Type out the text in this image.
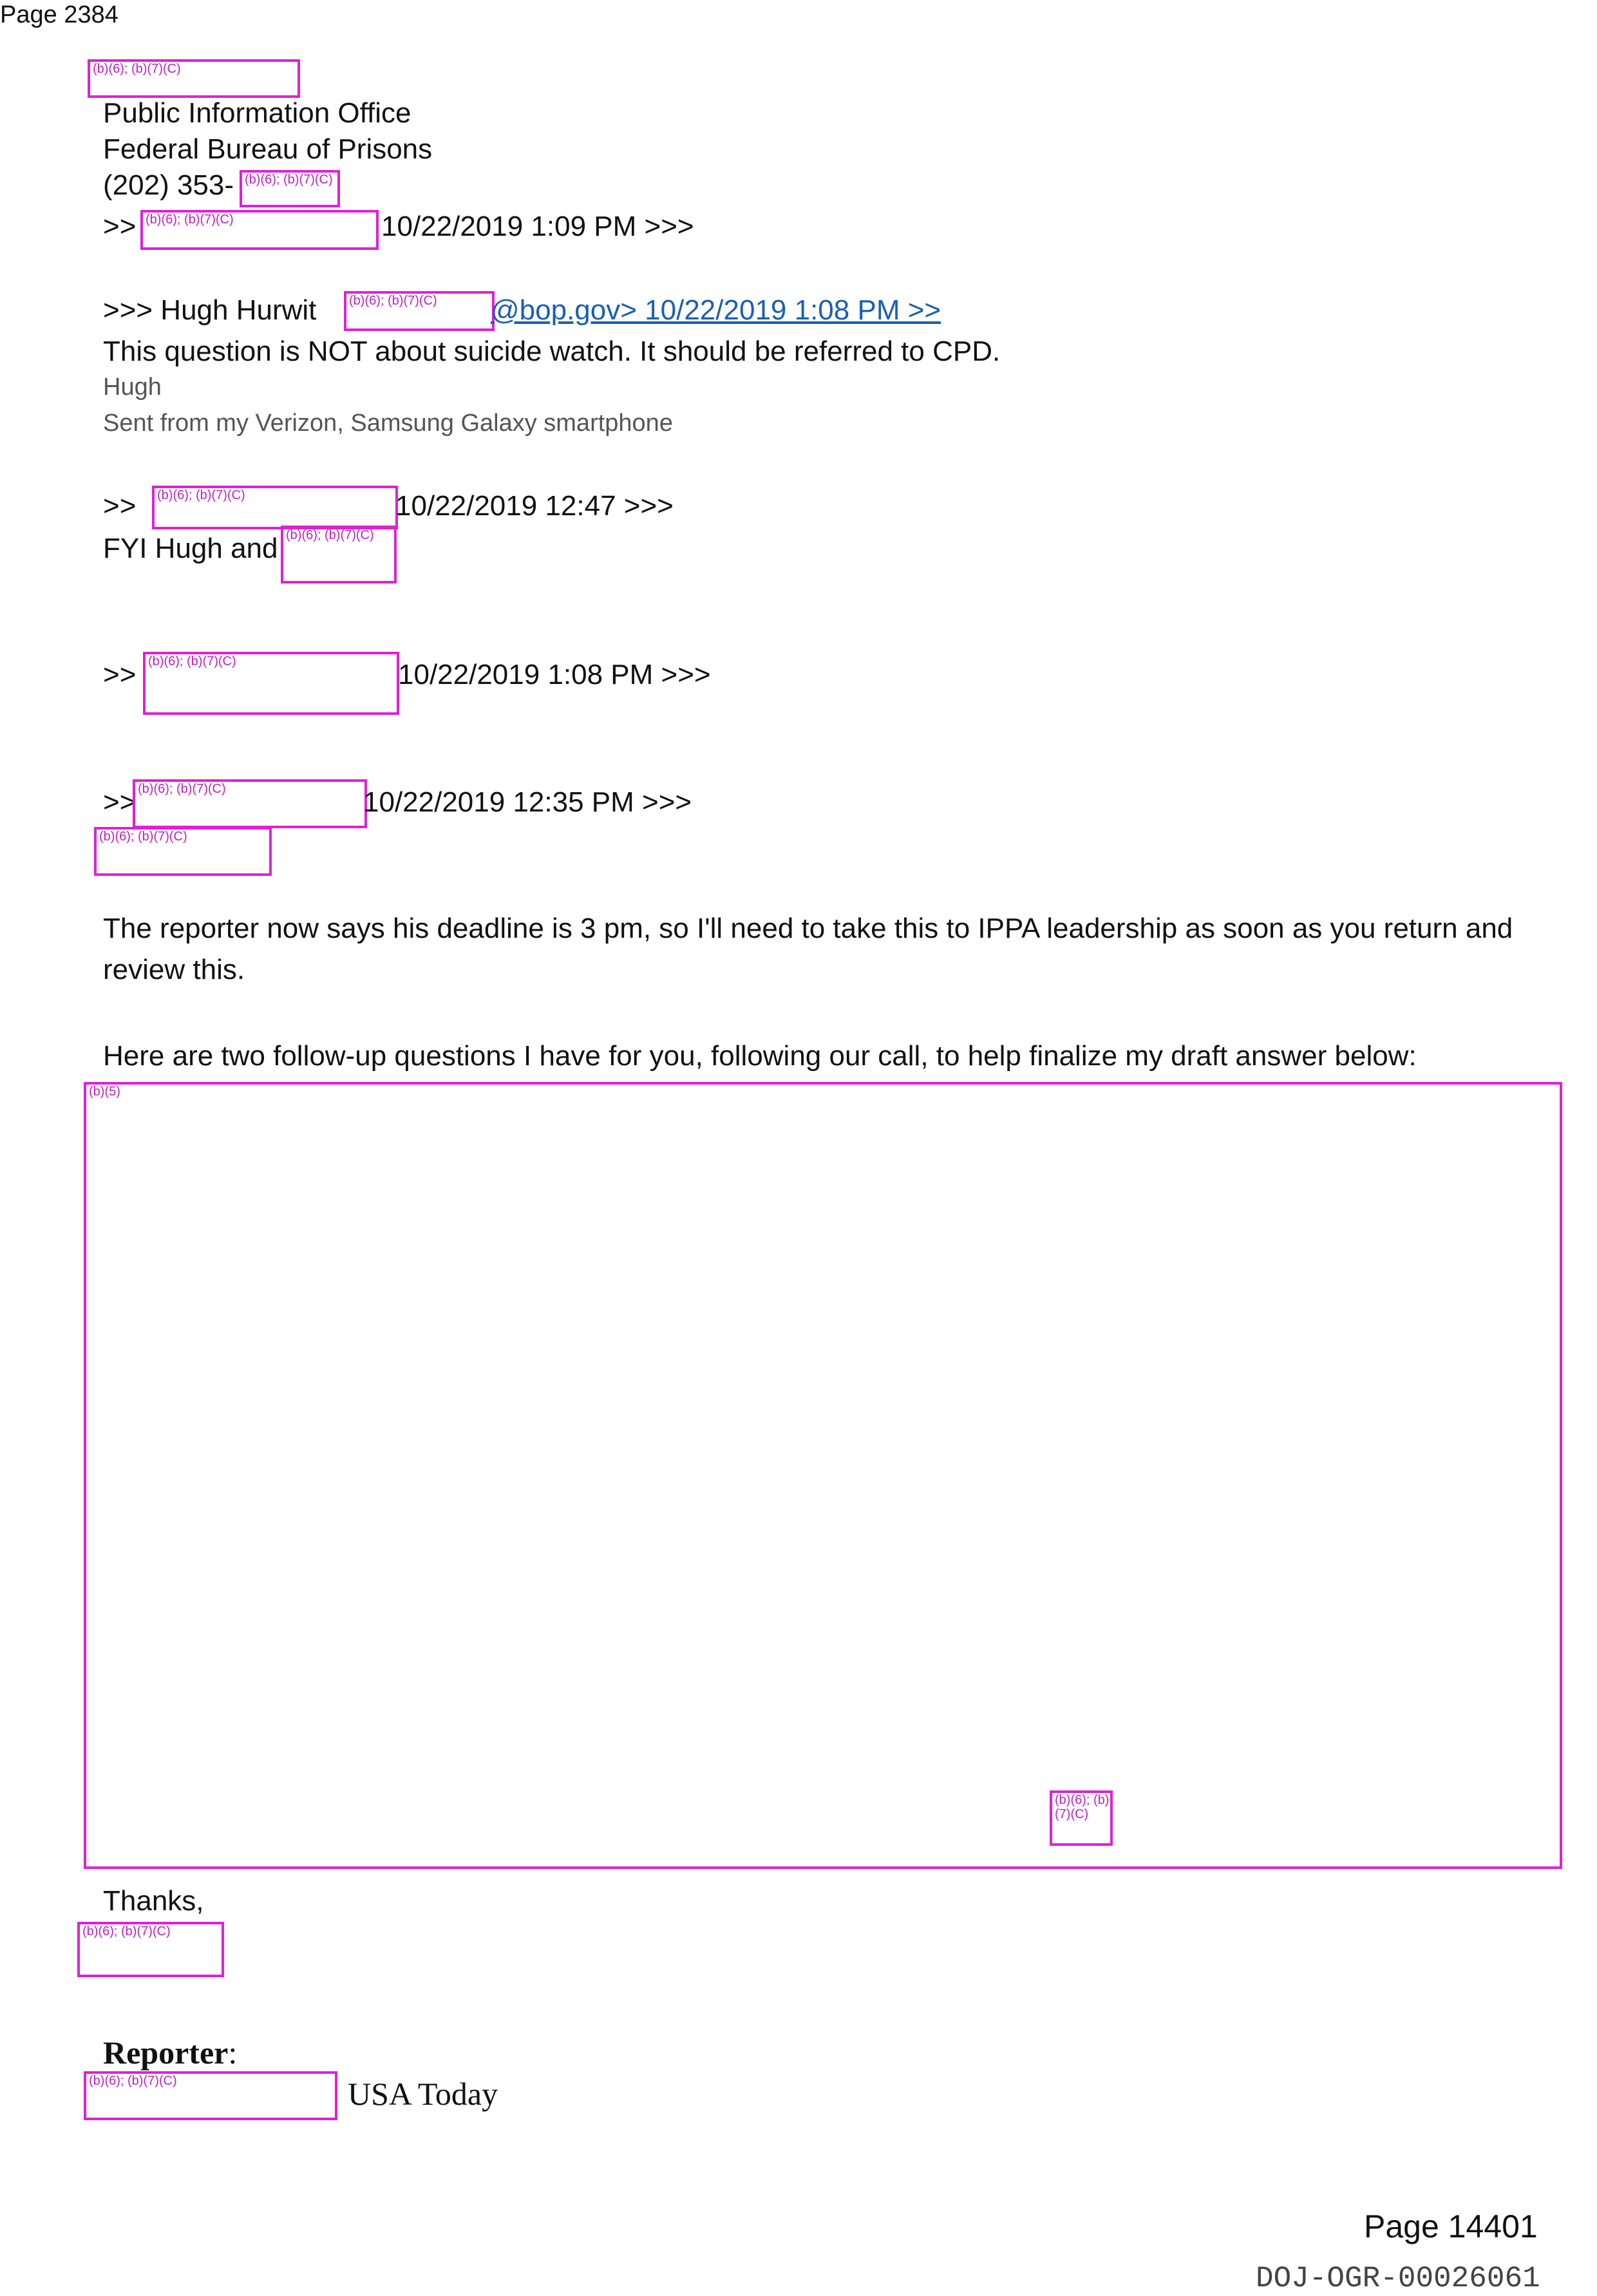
Page 2384
(b)(6); (b)(7)(C)
Public Information Office
Federal Bureau of Prisons
(202) 353- (b)(6); (b)(7)(C)
>> (b)(6); (b)(7)(C)	10/22/2019 1:09 PM >>>
>>> Hugh Hurwit	(b)(6); (b)(7)(C) @bop.gov> 10/22/2019 1:08 PM >>
This question is NOT about suicide watch. It should be referred to CPD.
Hugh
Sent from my Verizon, Samsung Galaxy smartphone
>> (b)(6); (b)(7)(C)	10/22/2019 12:47 >>>
FYI Hugh and (b)(6); (b)(7)(C)
>> (b)(6); (b)(7)(C)	10/22/2019 1:08 PM >>>
>> (b)(6); (b)(7)(C)	10/22/2019 12:35 PM >>>
(b)(6); (b)(7)(C)
The reporter now says his deadline is 3 pm, so I'll need to take this to IPPA leadership as soon as you return and review this.
Here are two follow-up questions I have for you, following our call, to help finalize my draft answer below:
(b)(5)
(b)(6); (b)(7)(C)
Thanks,
(b)(6); (b)(7)(C)
Reporter:
(b)(6); (b)(7)(C)	USA Today
Page 14401
DOJ-OGR-00026061
